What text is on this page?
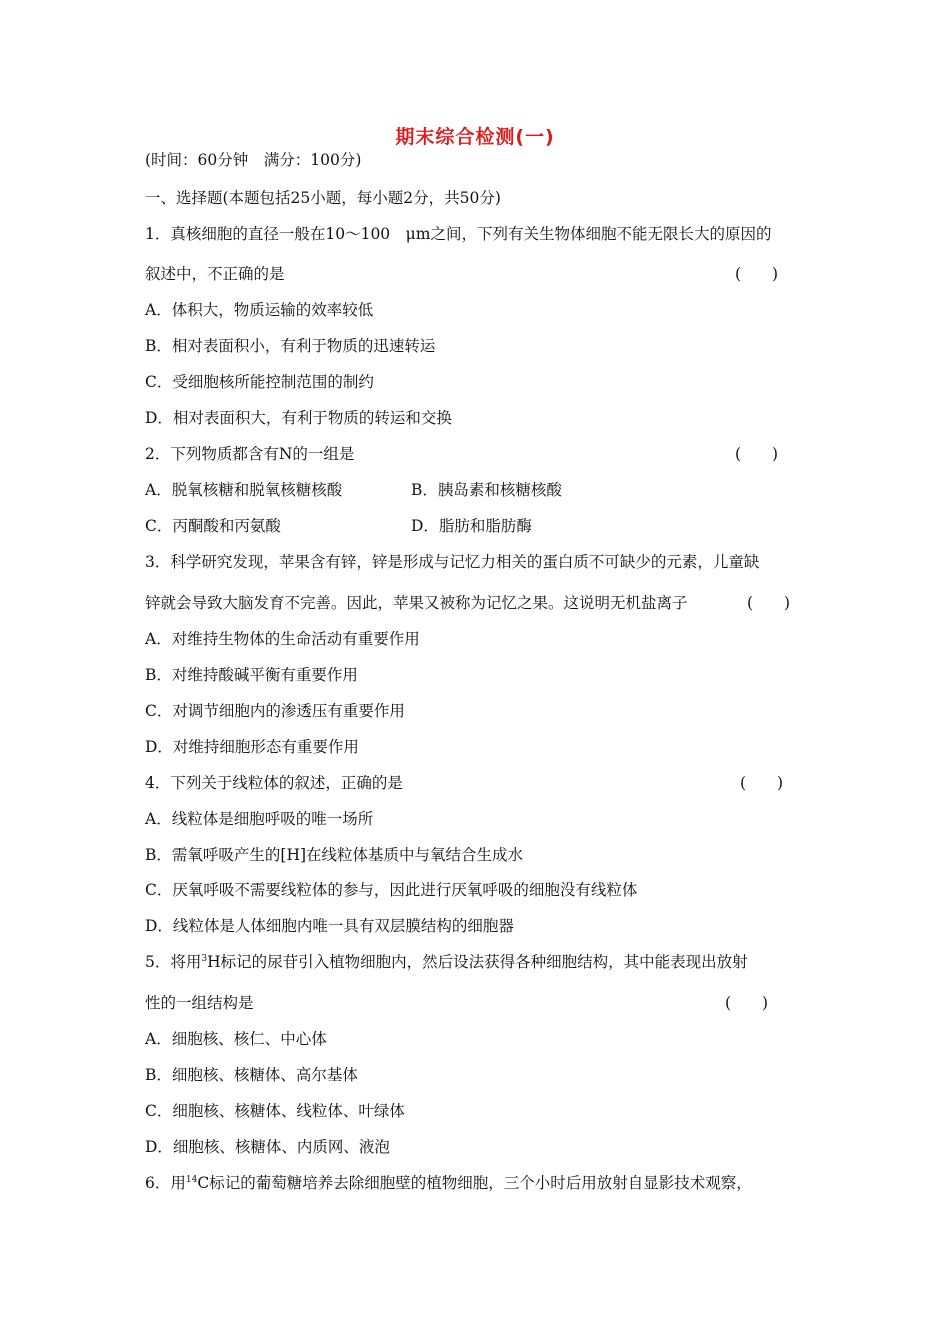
期末综合检测(一)
(时间：60分钟　满分：100分)
一、选择题(本题包括25小题，每小题2分，共50分)
1．真核细胞的直径一般在10～100　μm之间，下列有关生物体细胞不能无限长大的原因的
叙述中，不正确的是	(　　)
A．体积大，物质运输的效率较低
B．相对表面积小，有利于物质的迅速转运
C．受细胞核所能控制范围的制约
D．相对表面积大，有利于物质的转运和交换
2．下列物质都含有N的一组是	(　　)
A．脱氧核糖和脱氧核糖核酸	B．胰岛素和核糖核酸
C．丙酮酸和丙氨酸	D．脂肪和脂肪酶
3．科学研究发现，苹果含有锌，锌是形成与记忆力相关的蛋白质不可缺少的元素，儿童缺
锌就会导致大脑发育不完善。因此，苹果又被称为记忆之果。这说明无机盐离子	(　　)
A．对维持生物体的生命活动有重要作用
B．对维持酸碱平衡有重要作用
C．对调节细胞内的渗透压有重要作用
D．对维持细胞形态有重要作用
4．下列关于线粒体的叙述，正确的是	(　　)
A．线粒体是细胞呼吸的唯一场所
B．需氧呼吸产生的[H]在线粒体基质中与氧结合生成水
C．厌氧呼吸不需要线粒体的参与，因此进行厌氧呼吸的细胞没有线粒体
D．线粒体是人体细胞内唯一具有双层膜结构的细胞器
5．将用$^3$H标记的尿苷引入植物细胞内，然后设法获得各种细胞结构，其中能表现出放射
性的一组结构是	(　　)
A．细胞核、核仁、中心体
B．细胞核、核糖体、高尔基体
C．细胞核、核糖体、线粒体、叶绿体
D．细胞核、核糖体、内质网、液泡
6．用$^{14}$C标记的葡萄糖培养去除细胞壁的植物细胞，三个小时后用放射自显影技术观察，
